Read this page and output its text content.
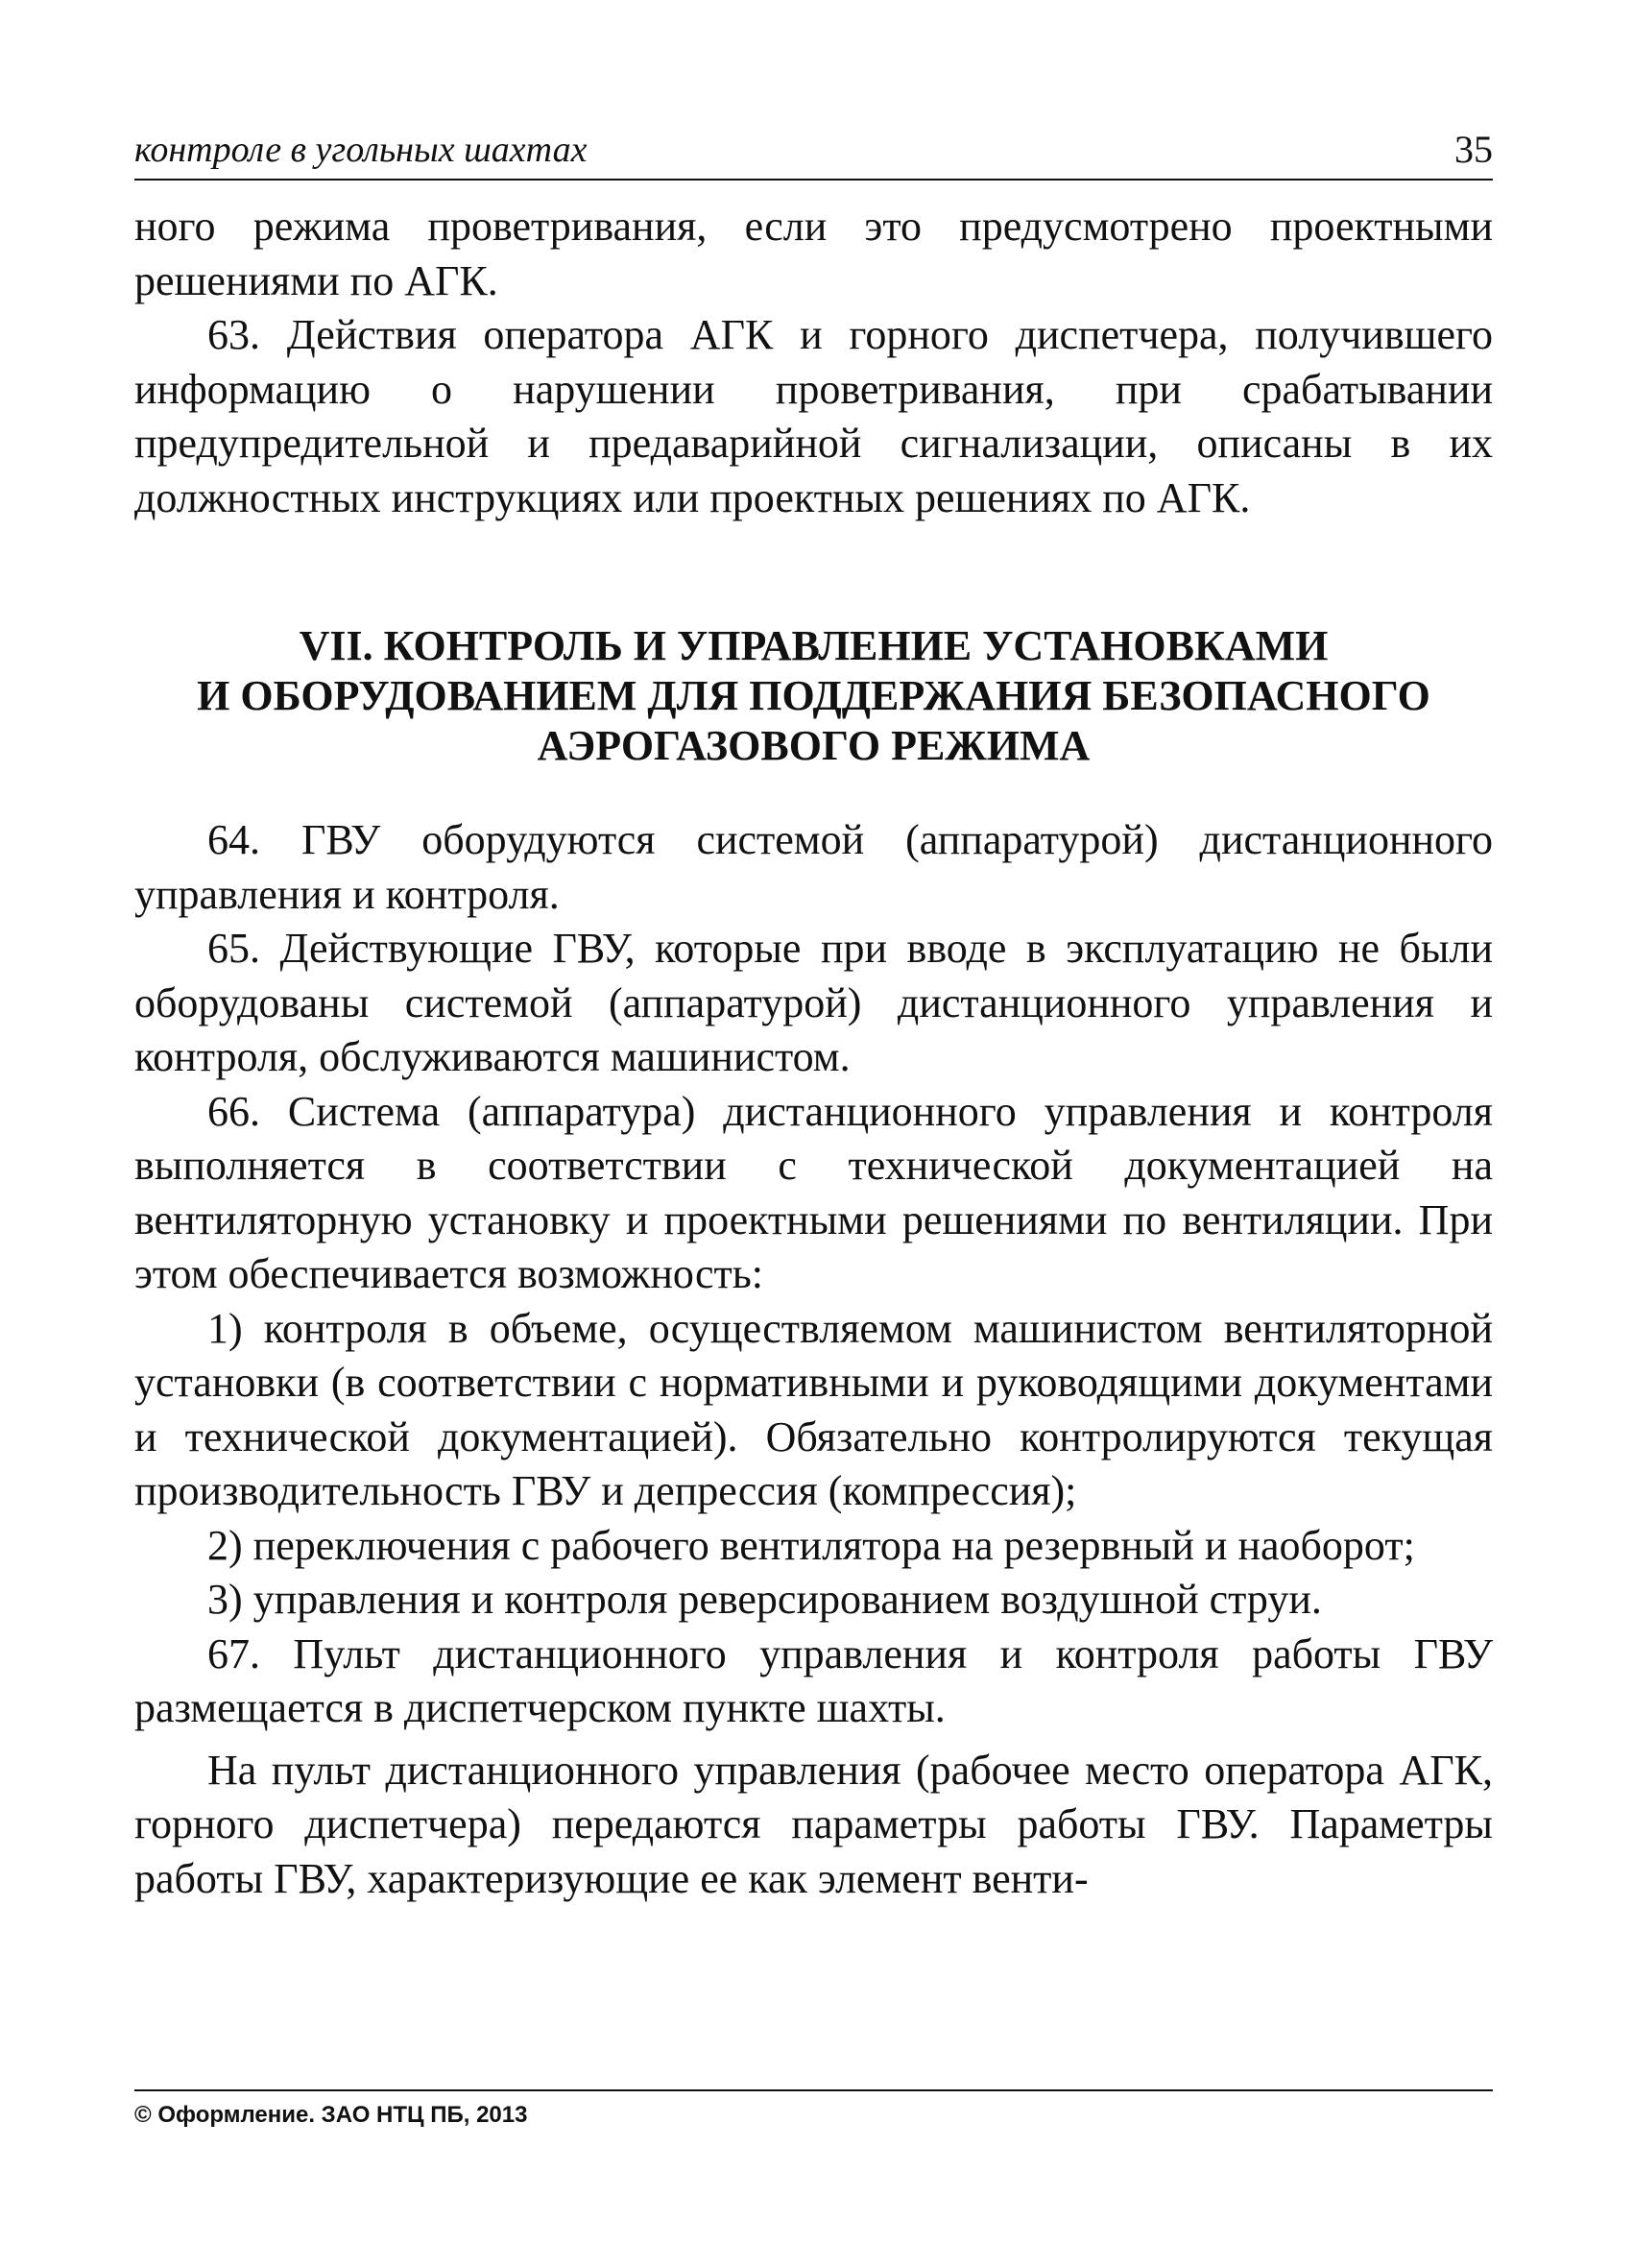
контроле в угольных шахтах	35

ного режима проветривания, если это предусмотрено проектными решениями по АГК.

63. Действия оператора АГК и горного диспетчера, получившего информацию о нарушении проветривания, при срабатывании предупредительной и предаварийной сигнализации, описаны в их должностных инструкциях или проектных решениях по АГК.

VII. КОНТРОЛЬ И УПРАВЛЕНИЕ УСТАНОВКАМИ
И ОБОРУДОВАНИЕМ ДЛЯ ПОДДЕРЖАНИЯ БЕЗОПАСНОГО
АЭРОГАЗОВОГО РЕЖИМА

64. ГВУ оборудуются системой (аппаратурой) дистанционного управления и контроля.

65. Действующие ГВУ, которые при вводе в эксплуатацию не были оборудованы системой (аппаратурой) дистанционного управления и контроля, обслуживаются машинистом.

66. Система (аппаратура) дистанционного управления и контроля выполняется в соответствии с технической документацией на вентиляторную установку и проектными решениями по вентиляции. При этом обеспечивается возможность:

1) контроля в объеме, осуществляемом машинистом вентиляторной установки (в соответствии с нормативными и руководящими документами и технической документацией). Обязательно контролируются текущая производительность ГВУ и депрессия (компрессия);

2) переключения с рабочего вентилятора на резервный и наоборот;

3) управления и контроля реверсированием воздушной струи.

67. Пульт дистанционного управления и контроля работы ГВУ размещается в диспетчерском пункте шахты.

На пульт дистанционного управления (рабочее место оператора АГК, горного диспетчера) передаются параметры работы ГВУ. Параметры работы ГВУ, характеризующие ее как элемент венти-

© Оформление. ЗАО НТЦ ПБ, 2013
